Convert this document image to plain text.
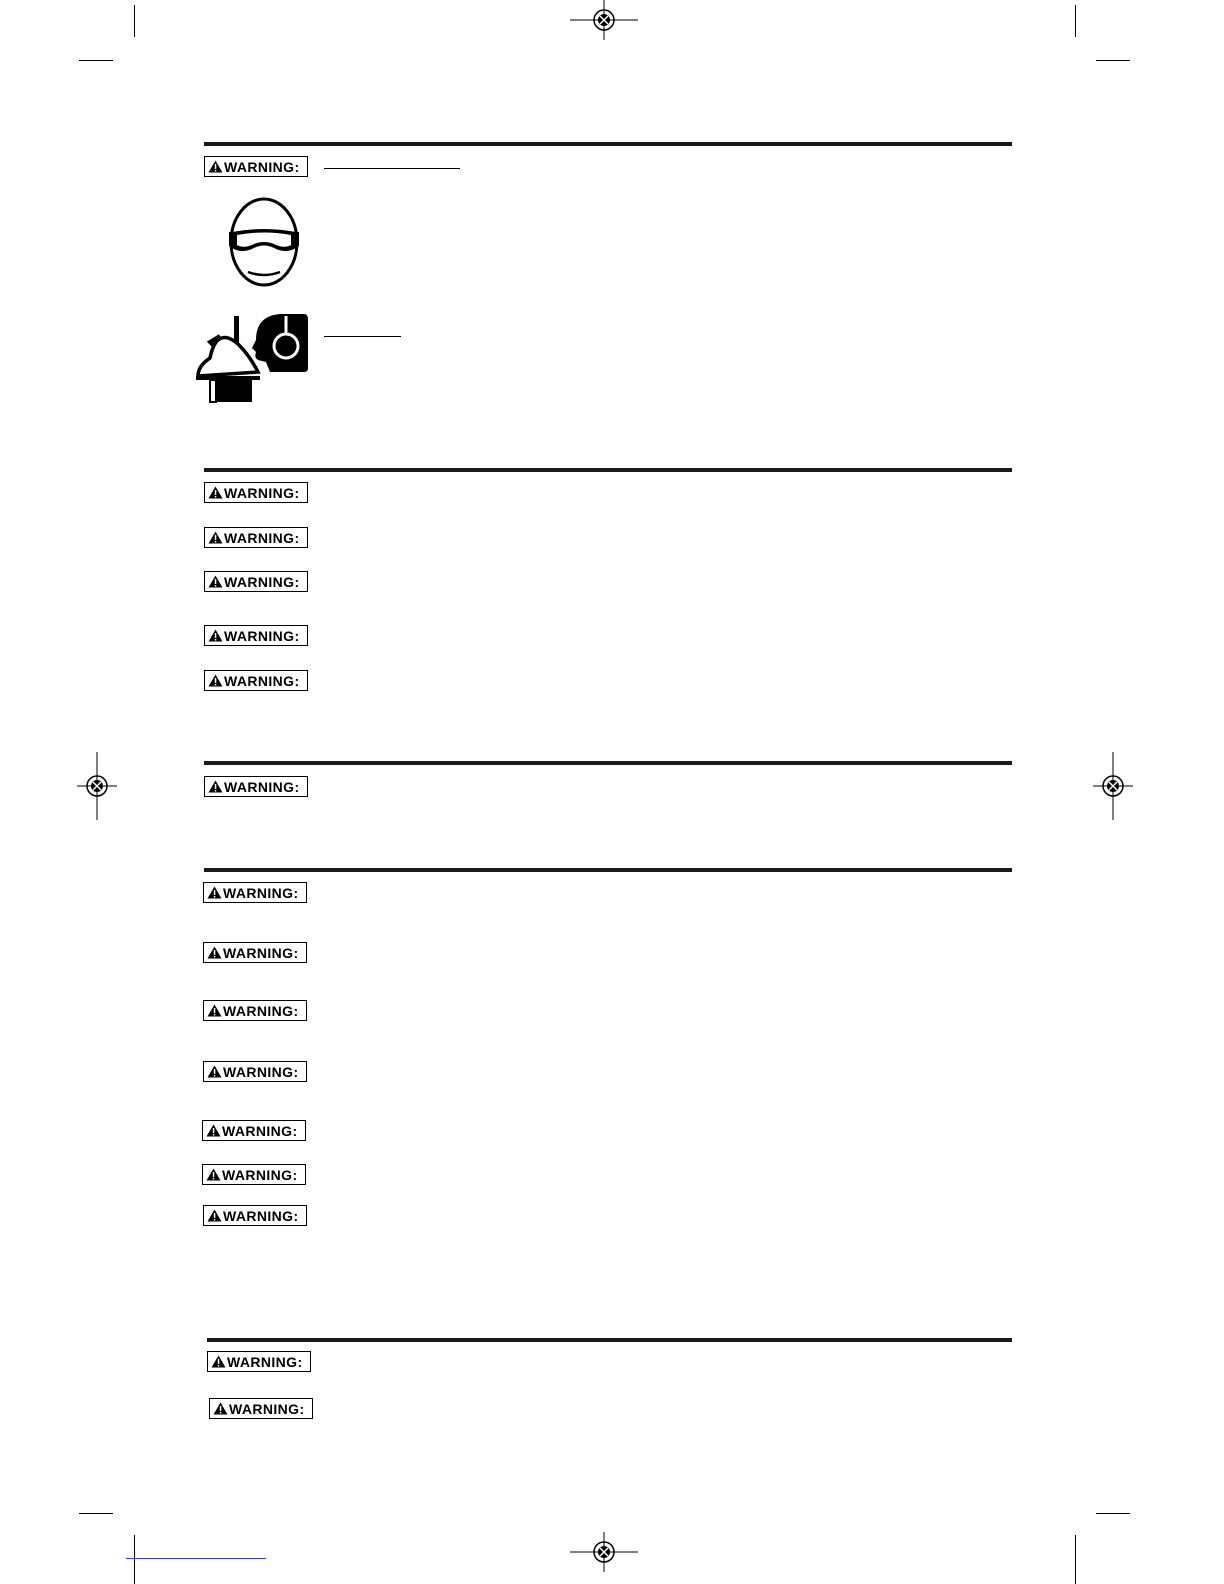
WARNING:
WARNING:
WARNING:
WARNING:
WARNING:
WARNING:
WARNING:
WARNING:
WARNING:
WARNING:
WARNING:
WARNING:
WARNING:
WARNING:
WARNING:
WARNING:
